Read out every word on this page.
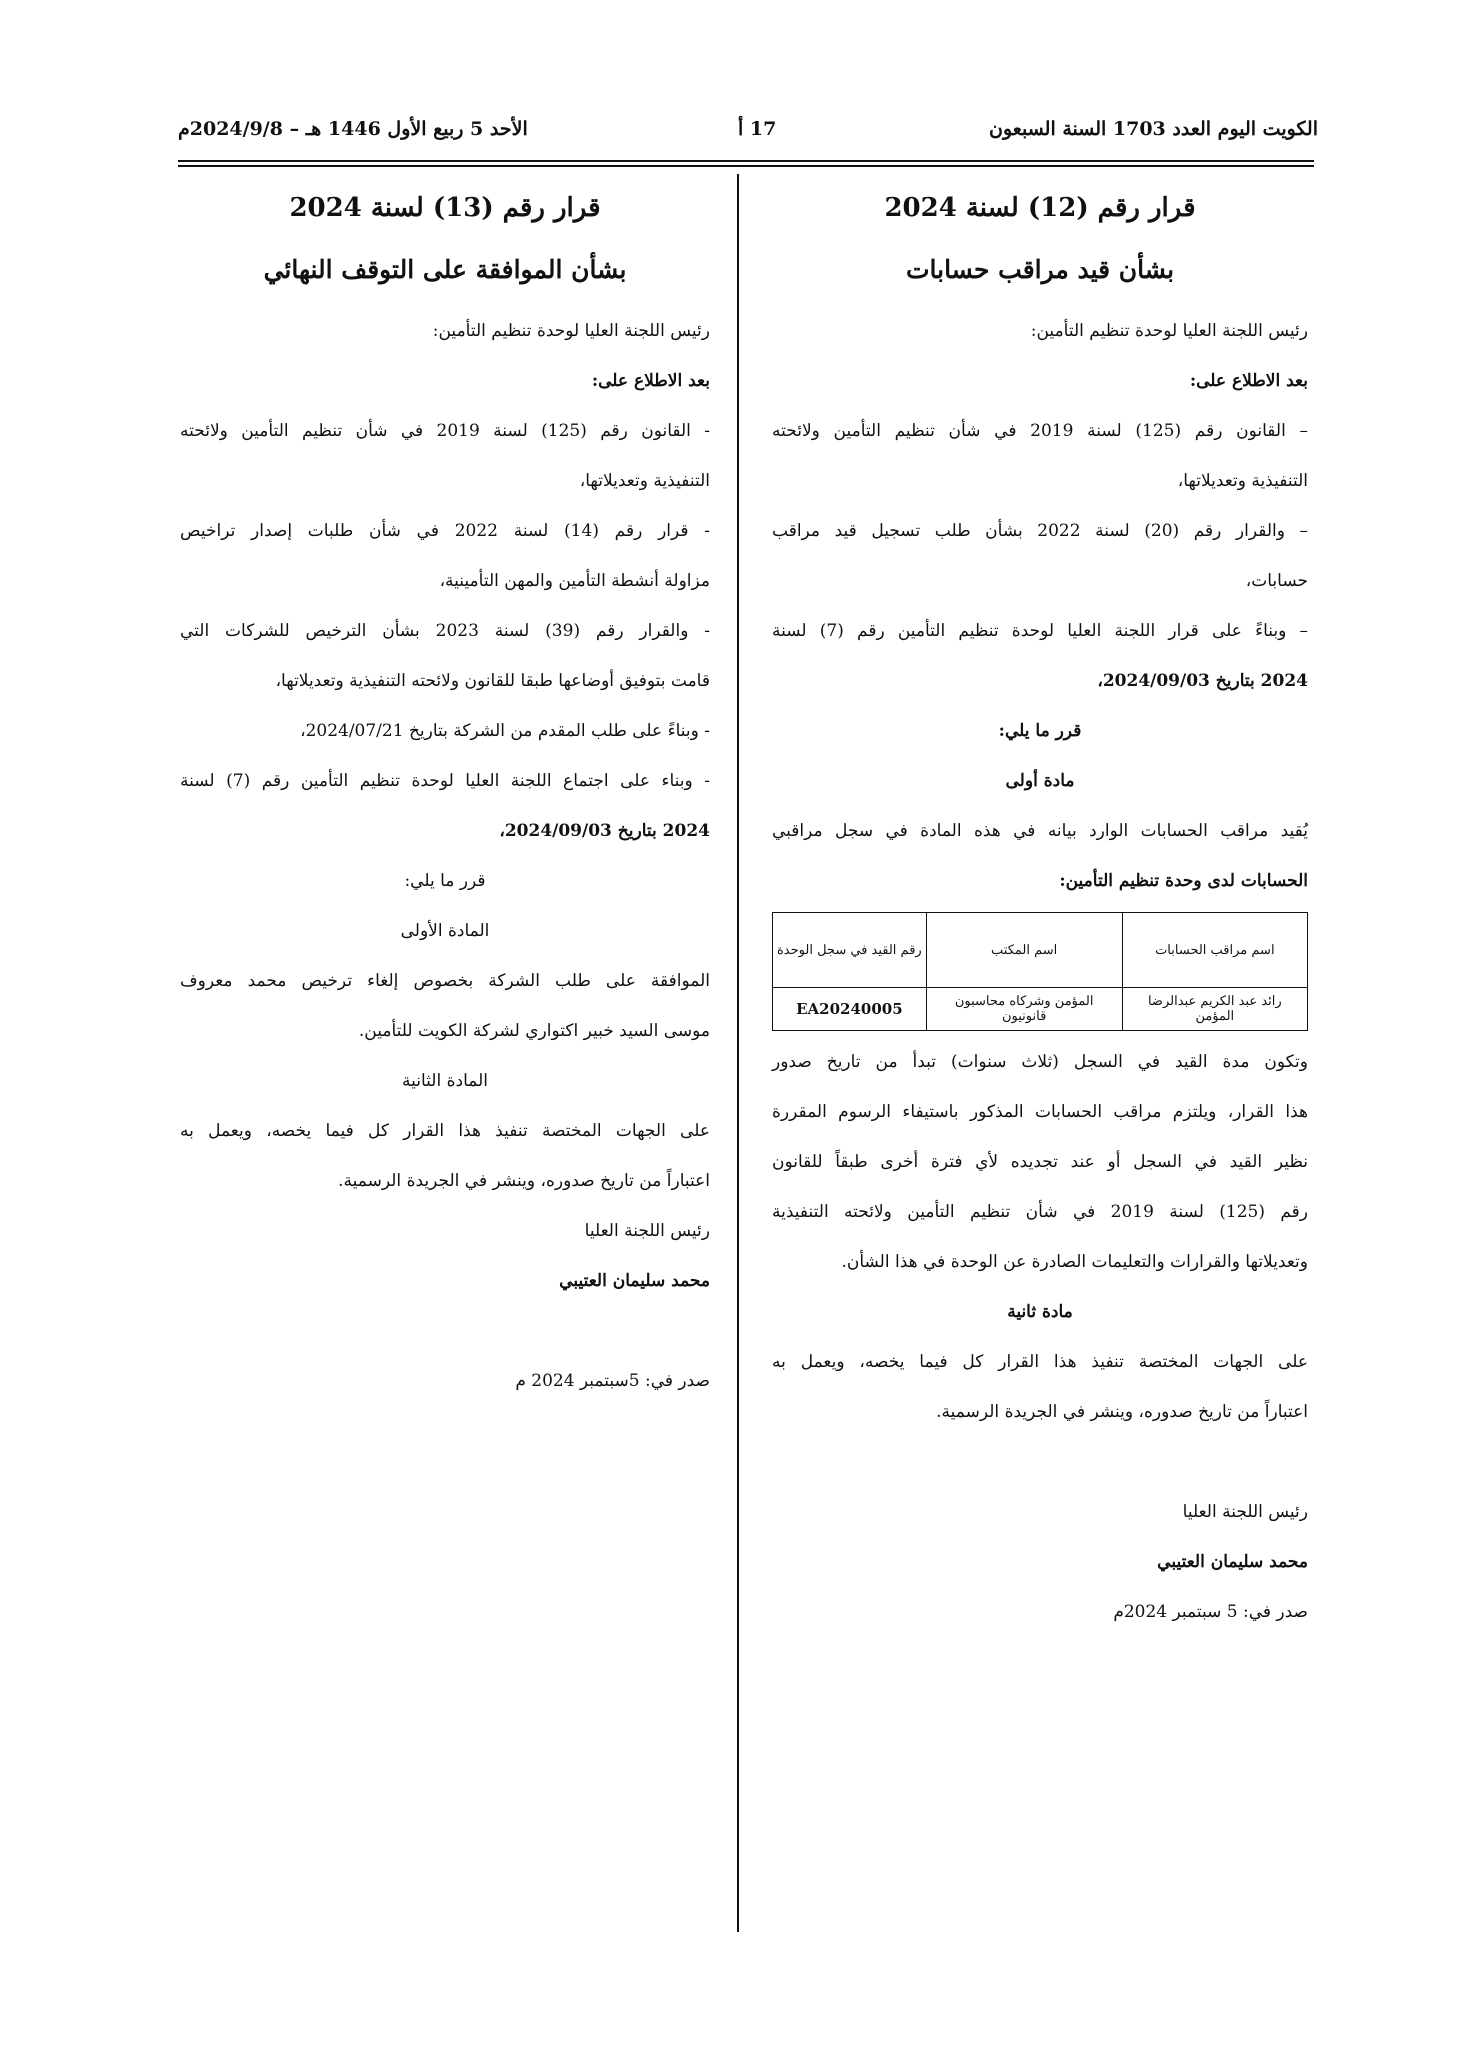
الكويت اليوم العدد 1703 السنة السبعون
17 أ
الأحد 5 ربيع الأول 1446 هـ – 2024/9/8م
قرار رقم (12) لسنة 2024
بشأن قيد مراقب حسابات
رئيس اللجنة العليا لوحدة تنظيم التأمين:
بعد الاطلاع على:
– القانون رقم (125) لسنة 2019 في شأن تنظيم التأمين ولائحته
التنفيذية وتعديلاتها،
– والقرار رقم (20) لسنة 2022 بشأن طلب تسجيل قيد مراقب
حسابات،
– وبناءً على قرار اللجنة العليا لوحدة تنظيم التأمين رقم (7) لسنة
2024 بتاريخ 2024/09/03،
قرر ما يلي:
مادة أولى
يُقيد مراقب الحسابات الوارد بيانه في هذه المادة في سجل مراقبي
الحسابات لدى وحدة تنظيم التأمين:
اسم مراقب الحسابات	اسم المكتب	رقم القيد في سجل الوحدة
رائد عبد الكريم عبدالرضا المؤمن	المؤمن وشركاه محاسبون قانونيون	EA20240005
وتكون مدة القيد في السجل (ثلاث سنوات) تبدأ من تاريخ صدور
هذا القرار، ويلتزم مراقب الحسابات المذكور باستيفاء الرسوم المقررة
نظير القيد في السجل أو عند تجديده لأي فترة أخرى طبقاً للقانون
رقم (125) لسنة 2019 في شأن تنظيم التأمين ولائحته التنفيذية
وتعديلاتها والقرارات والتعليمات الصادرة عن الوحدة في هذا الشأن.
مادة ثانية
على الجهات المختصة تنفيذ هذا القرار كل فيما يخصه، ويعمل به
اعتباراً من تاريخ صدوره، وينشر في الجريدة الرسمية.
رئيس اللجنة العليا
محمد سليمان العتيبي
صدر في: 5 سبتمبر 2024م
قرار رقم (13) لسنة 2024
بشأن الموافقة على التوقف النهائي
رئيس اللجنة العليا لوحدة تنظيم التأمين:
بعد الاطلاع على:
- القانون رقم (125) لسنة 2019 في شأن تنظيم التأمين ولائحته
التنفيذية وتعديلاتها،
- قرار رقم (14) لسنة 2022 في شأن طلبات إصدار تراخيص
مزاولة أنشطة التأمين والمهن التأمينية،
- والقرار رقم (39) لسنة 2023 بشأن الترخيص للشركات التي
قامت بتوفيق أوضاعها طبقا للقانون ولائحته التنفيذية وتعديلاتها،
- وبناءً على طلب المقدم من الشركة بتاريخ 2024/07/21،
- وبناء على اجتماع اللجنة العليا لوحدة تنظيم التأمين رقم (7) لسنة
2024 بتاريخ 2024/09/03،
قرر ما يلي:
المادة الأولى
الموافقة على طلب الشركة بخصوص إلغاء ترخيص محمد معروف
موسى السيد خبير اكتواري لشركة الكويت للتأمين.
المادة الثانية
على الجهات المختصة تنفيذ هذا القرار كل فيما يخصه، ويعمل به
اعتباراً من تاريخ صدوره، وينشر في الجريدة الرسمية.
رئيس اللجنة العليا
محمد سليمان العتيبي
صدر في: 5سبتمبر 2024 م
